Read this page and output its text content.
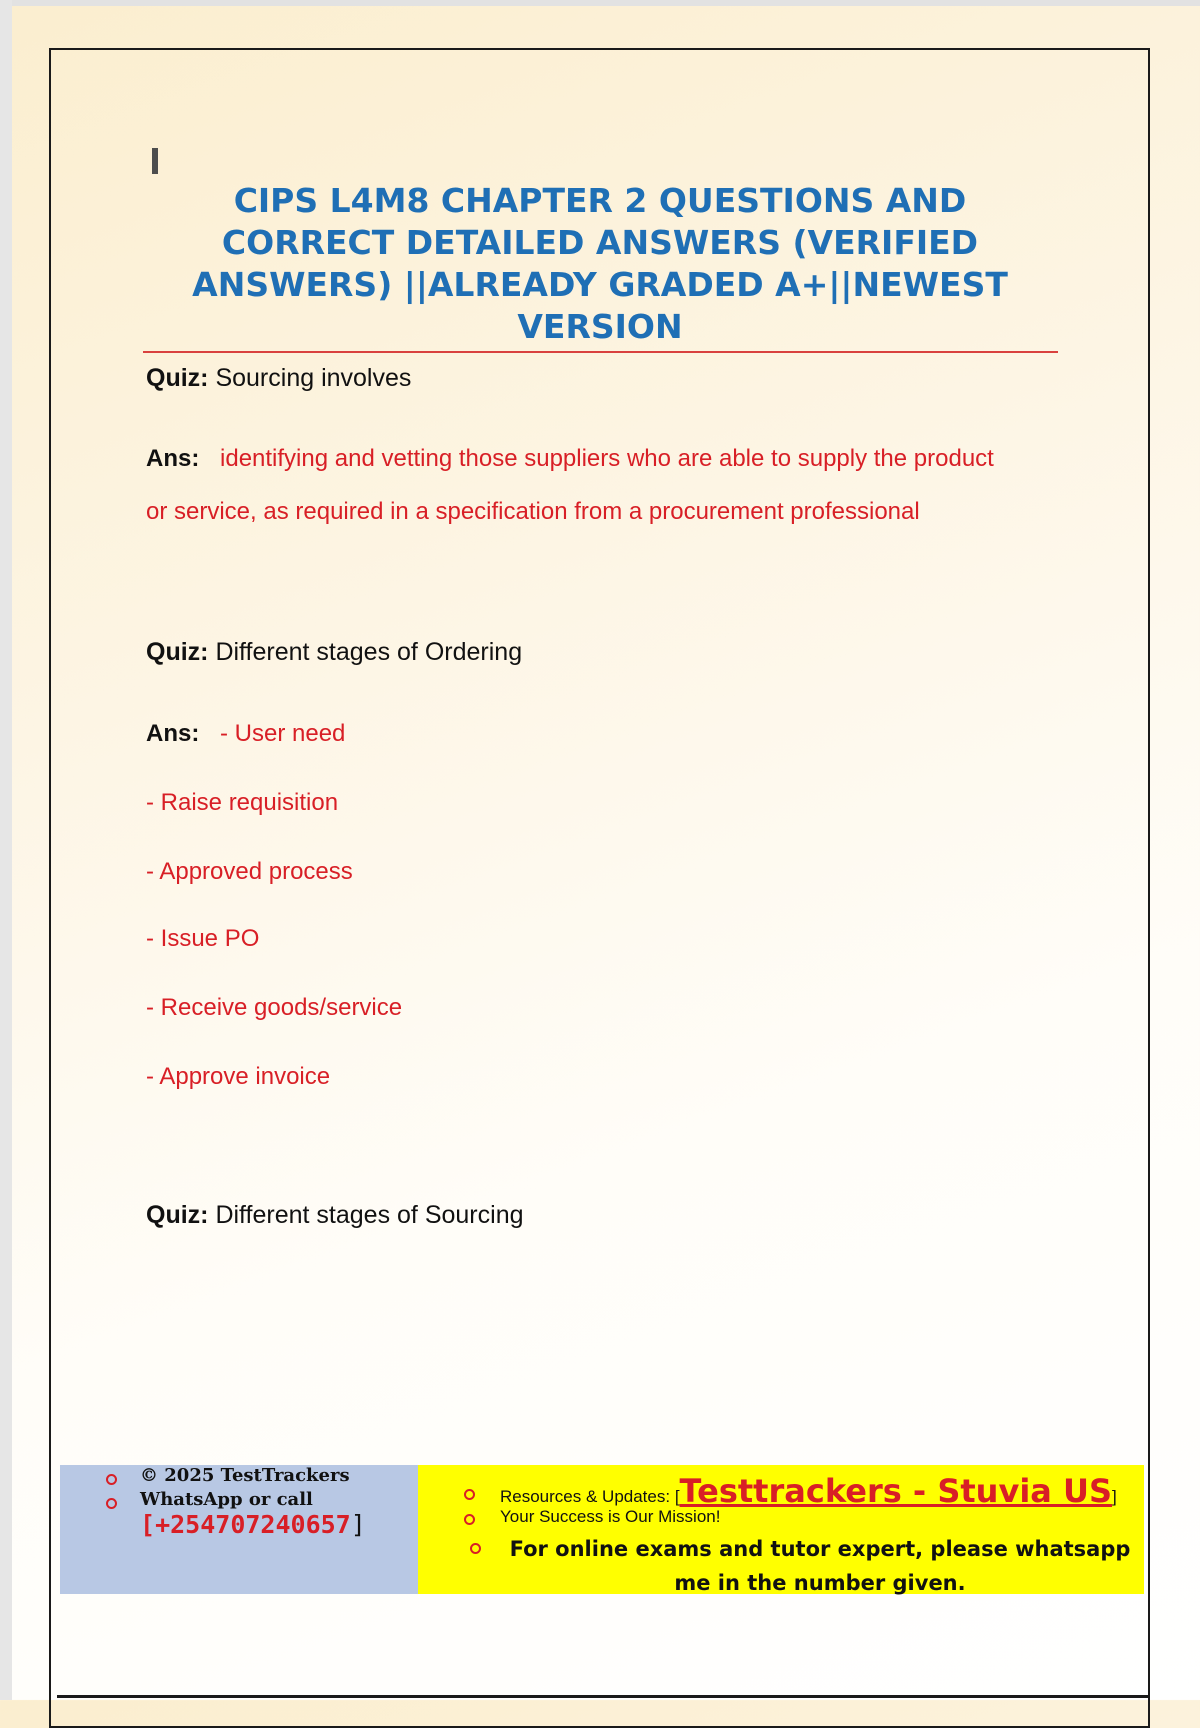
CIPS L4M8 CHAPTER 2 QUESTIONS AND CORRECT DETAILED ANSWERS (VERIFIED ANSWERS) ||ALREADY GRADED A+||NEWEST VERSION
Quiz: Sourcing involves
Ans: identifying and vetting those suppliers who are able to supply the product
or service, as required in a specification from a procurement professional
Quiz: Different stages of Ordering
Ans: - User need
- Raise requisition
- Approved process
- Issue PO
- Receive goods/service
- Approve invoice
Quiz: Different stages of Sourcing
© 2025 TestTrackers
WhatsApp or call
[+254707240657]
Resources & Updates: [Testtrackers - Stuvia US]
Your Success is Our Mission!
For online exams and tutor expert, please whatsapp me in the number given.
